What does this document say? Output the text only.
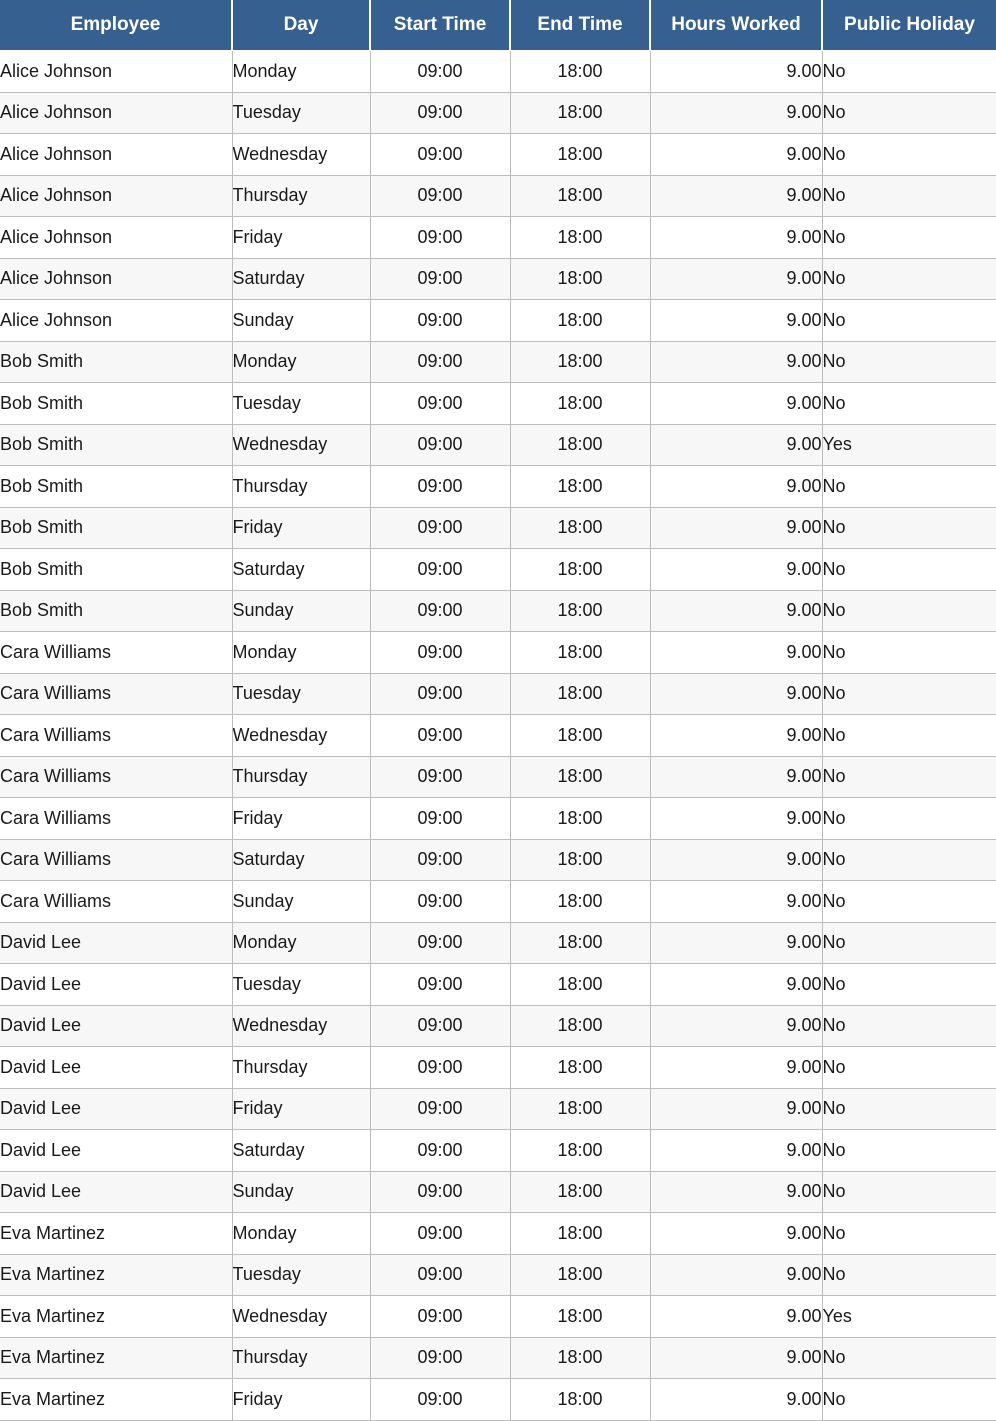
Employee	Day	Start Time	End Time	Hours Worked	Public Holiday
Alice Johnson	Monday	09:00	18:00	9.00	No
Alice Johnson	Tuesday	09:00	18:00	9.00	No
Alice Johnson	Wednesday	09:00	18:00	9.00	No
Alice Johnson	Thursday	09:00	18:00	9.00	No
Alice Johnson	Friday	09:00	18:00	9.00	No
Alice Johnson	Saturday	09:00	18:00	9.00	No
Alice Johnson	Sunday	09:00	18:00	9.00	No
Bob Smith	Monday	09:00	18:00	9.00	No
Bob Smith	Tuesday	09:00	18:00	9.00	No
Bob Smith	Wednesday	09:00	18:00	9.00	Yes
Bob Smith	Thursday	09:00	18:00	9.00	No
Bob Smith	Friday	09:00	18:00	9.00	No
Bob Smith	Saturday	09:00	18:00	9.00	No
Bob Smith	Sunday	09:00	18:00	9.00	No
Cara Williams	Monday	09:00	18:00	9.00	No
Cara Williams	Tuesday	09:00	18:00	9.00	No
Cara Williams	Wednesday	09:00	18:00	9.00	No
Cara Williams	Thursday	09:00	18:00	9.00	No
Cara Williams	Friday	09:00	18:00	9.00	No
Cara Williams	Saturday	09:00	18:00	9.00	No
Cara Williams	Sunday	09:00	18:00	9.00	No
David Lee	Monday	09:00	18:00	9.00	No
David Lee	Tuesday	09:00	18:00	9.00	No
David Lee	Wednesday	09:00	18:00	9.00	No
David Lee	Thursday	09:00	18:00	9.00	No
David Lee	Friday	09:00	18:00	9.00	No
David Lee	Saturday	09:00	18:00	9.00	No
David Lee	Sunday	09:00	18:00	9.00	No
Eva Martinez	Monday	09:00	18:00	9.00	No
Eva Martinez	Tuesday	09:00	18:00	9.00	No
Eva Martinez	Wednesday	09:00	18:00	9.00	Yes
Eva Martinez	Thursday	09:00	18:00	9.00	No
Eva Martinez	Friday	09:00	18:00	9.00	No
